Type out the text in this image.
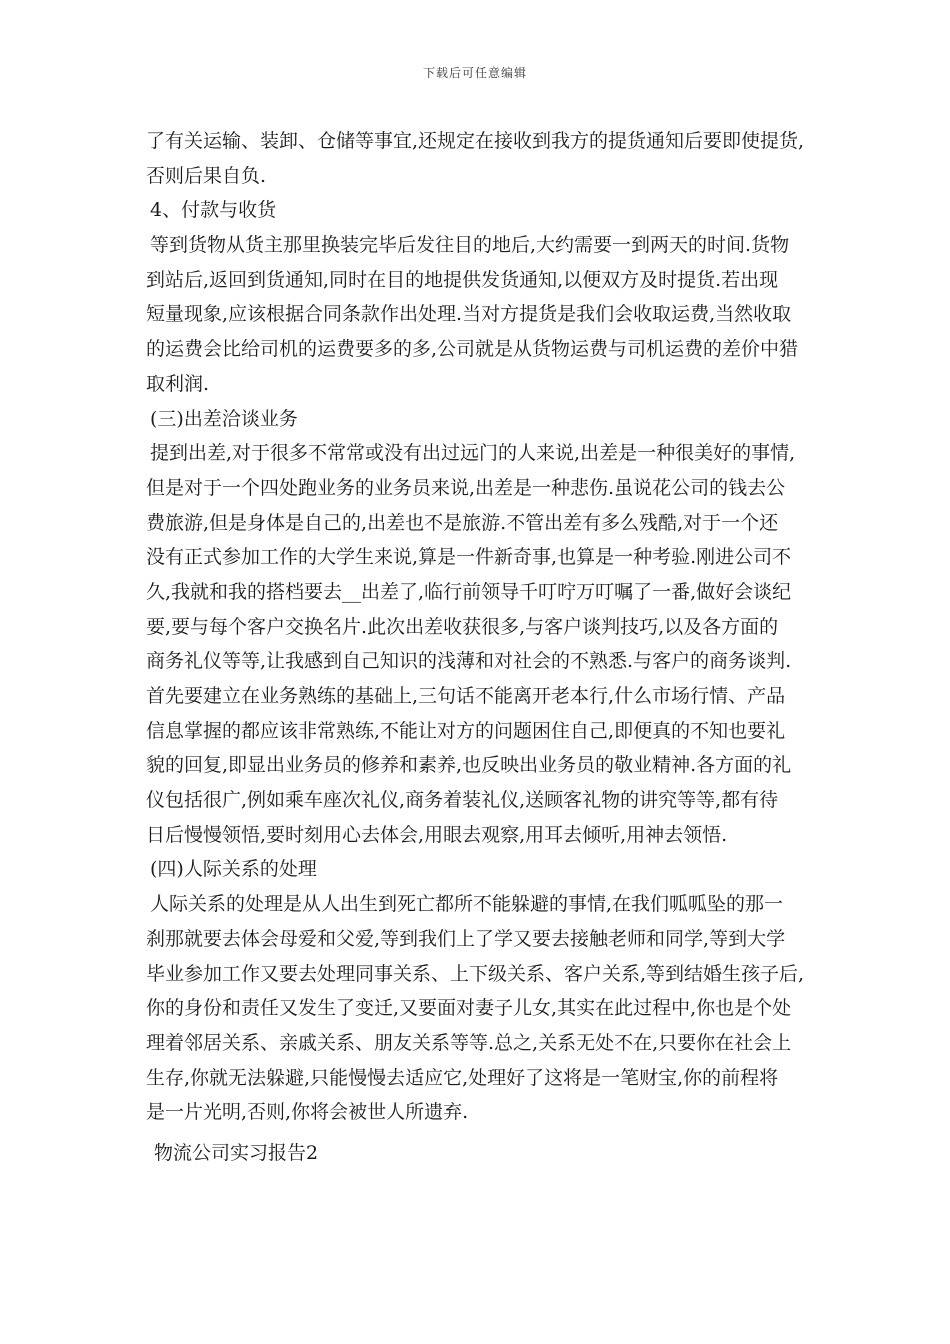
下载后可任意编辑
了有关运输、装卸、仓储等事宜,还规定在接收到我方的提货通知后要即使提货,
否则后果自负.
4、付款与收货
等到货物从货主那里换装完毕后发往目的地后,大约需要一到两天的时间.货物
到站后,返回到货通知,同时在目的地提供发货通知,以便双方及时提货.若出现
短量现象,应该根据合同条款作出处理.当对方提货是我们会收取运费,当然收取
的运费会比给司机的运费要多的多,公司就是从货物运费与司机运费的差价中猎
取利润.
(三)出差洽谈业务
提到出差,对于很多不常常或没有出过远门的人来说,出差是一种很美好的事情,
但是对于一个四处跑业务的业务员来说,出差是一种悲伤.虽说花公司的钱去公
费旅游,但是身体是自己的,出差也不是旅游.不管出差有多么残酷,对于一个还
没有正式参加工作的大学生来说,算是一件新奇事,也算是一种考验.刚进公司不
久,我就和我的搭档要去__出差了,临行前领导千叮咛万叮嘱了一番,做好会谈纪
要,要与每个客户交换名片.此次出差收获很多,与客户谈判技巧,以及各方面的
商务礼仪等等,让我感到自己知识的浅薄和对社会的不熟悉.与客户的商务谈判.
首先要建立在业务熟练的基础上,三句话不能离开老本行,什么市场行情、产品
信息掌握的都应该非常熟练,不能让对方的问题困住自己,即便真的不知也要礼
貌的回复,即显出业务员的修养和素养,也反映出业务员的敬业精神.各方面的礼
仪包括很广,例如乘车座次礼仪,商务着装礼仪,送顾客礼物的讲究等等,都有待
日后慢慢领悟,要时刻用心去体会,用眼去观察,用耳去倾听,用神去领悟.
(四)人际关系的处理
人际关系的处理是从人出生到死亡都所不能躲避的事情,在我们呱呱坠的那一
刹那就要去体会母爱和父爱,等到我们上了学又要去接触老师和同学,等到大学
毕业参加工作又要去处理同事关系、上下级关系、客户关系,等到结婚生孩子后,
你的身份和责任又发生了变迁,又要面对妻子儿女,其实在此过程中,你也是个处
理着邻居关系、亲戚关系、朋友关系等等.总之,关系无处不在,只要你在社会上
生存,你就无法躲避,只能慢慢去适应它,处理好了这将是一笔财宝,你的前程将
是一片光明,否则,你将会被世人所遗弃.
物流公司实习报告2
